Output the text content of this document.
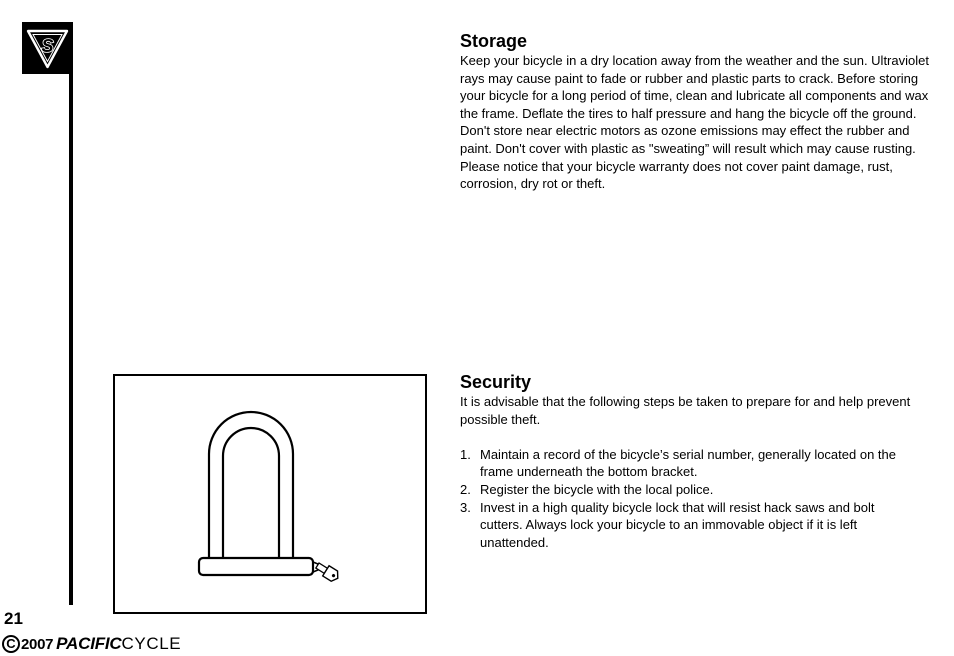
S	Storage

Keep your bicycle in a dry location away from the weather and the sun. Ultraviolet rays may cause paint to fade or rubber and plastic parts to crack. Before storing your bicycle for a long period of time, clean and lubricate all components and wax the frame. Deflate the tires to half pressure and hang the bicycle off the ground. Don't store near electric motors as ozone emissions may effect the rubber and paint. Don't cover with plastic as "sweating” will result which may cause rusting. Please notice that your bicycle warranty does not cover paint damage, rust, corrosion, dry rot or theft.

Security

It is advisable that the following steps be taken to prepare for and help prevent possible theft.

1. Maintain a record of the bicycle’s serial number, generally located on the frame underneath the bottom bracket.
2. Register the bicycle with the local police.
3. Invest in a high quality bicycle lock that will resist hack saws and bolt cutters. Always lock your bicycle to an immovable object if it is left unattended.
21
C 2007 PACIFIC CYCLE
